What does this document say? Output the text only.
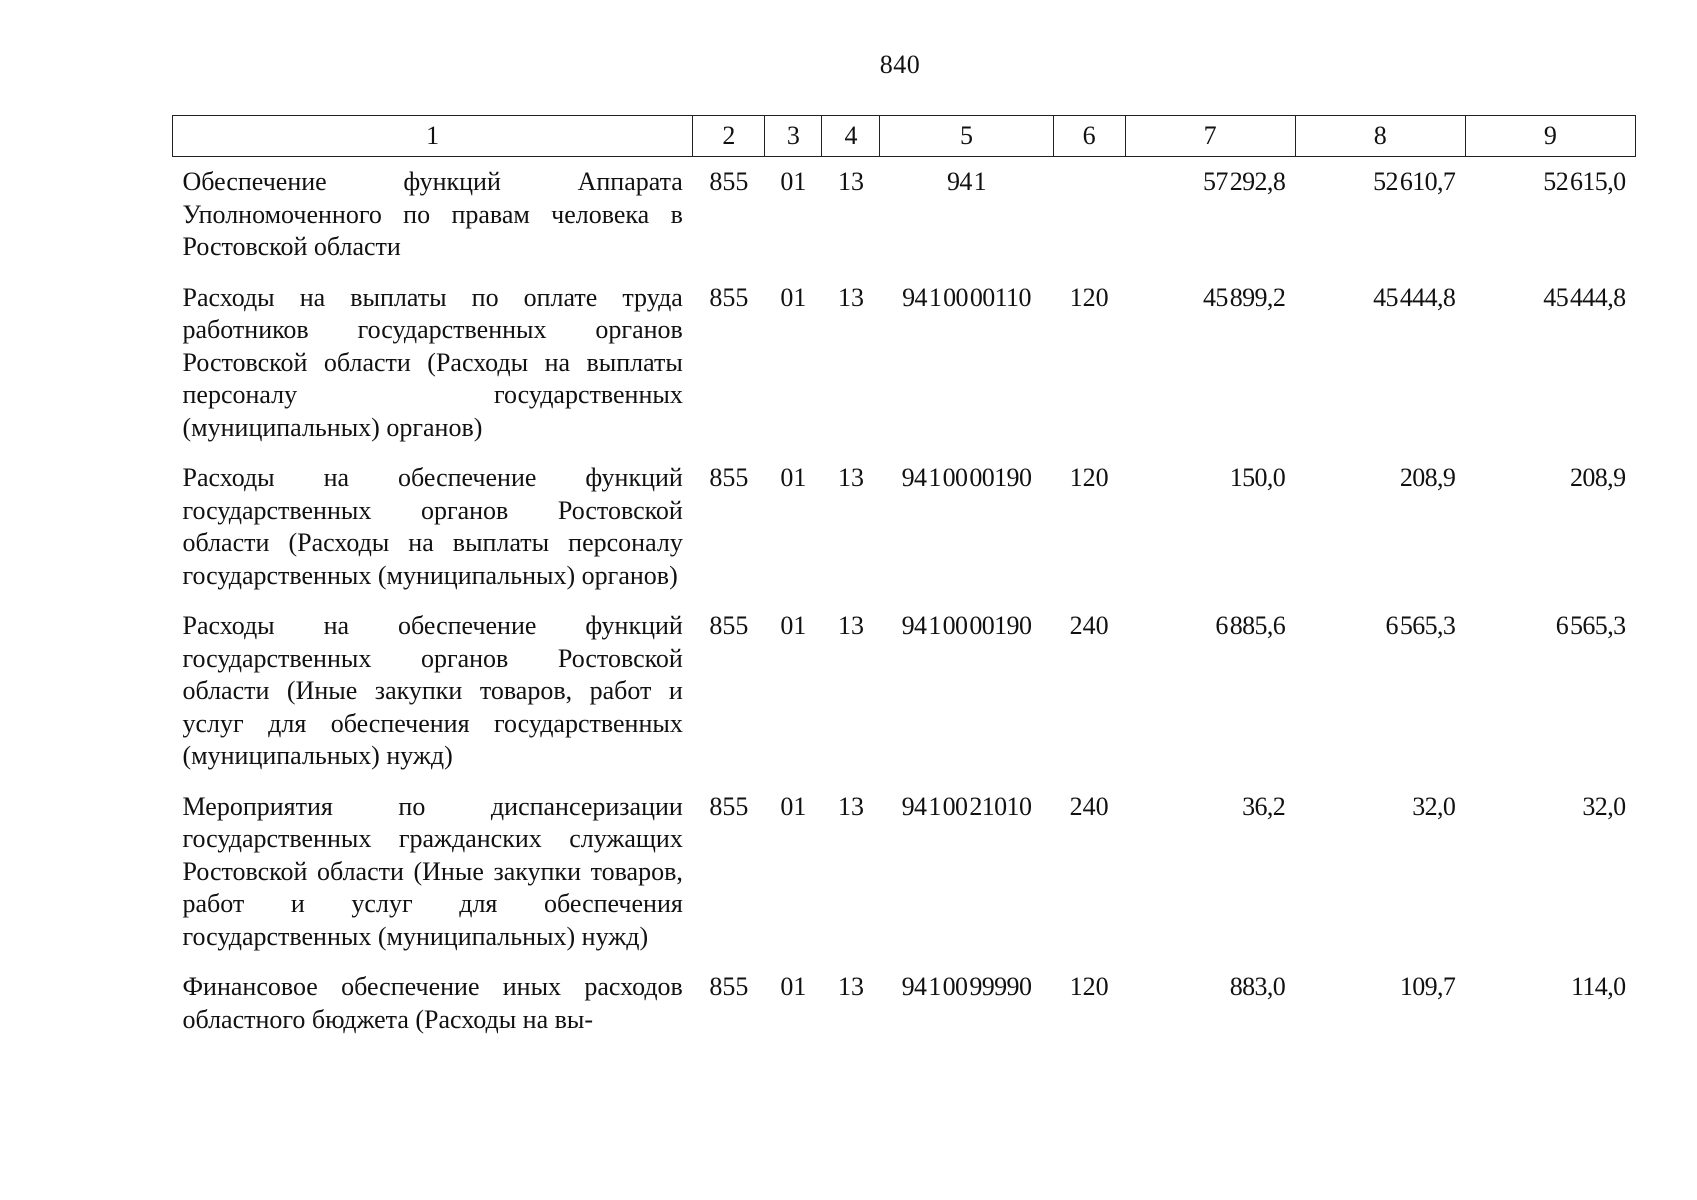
840
1	2	3	4	5	6	7	8	9
Обеспечение функций Аппарата Уполномоченного по правам человека в Ростовской области	855	01	13	94 1		57 292,8	52 610,7	52 615,0
Расходы на выплаты по оплате труда работников государственных органов Ростовской области (Расходы на выплаты персоналу государственных (муниципальных) органов)	855	01	13	94 1 00 00110	120	45 899,2	45 444,8	45 444,8
Расходы на обеспечение функций государственных органов Ростовской области (Расходы на выплаты персоналу государственных (муниципальных) органов)	855	01	13	94 1 00 00190	120	150,0	208,9	208,9
Расходы на обеспечение функций государственных органов Ростовской области (Иные закупки товаров, работ и услуг для обеспечения государственных (муниципальных) нужд)	855	01	13	94 1 00 00190	240	6 885,6	6 565,3	6 565,3
Мероприятия по диспансеризации государственных гражданских служащих Ростовской области (Иные закупки товаров, работ и услуг для обеспечения государственных (муниципальных) нужд)	855	01	13	94 1 00 21010	240	36,2	32,0	32,0
Финансовое обеспечение иных расходов областного бюджета (Расходы на вы-	855	01	13	94 1 00 99990	120	883,0	109,7	114,0
